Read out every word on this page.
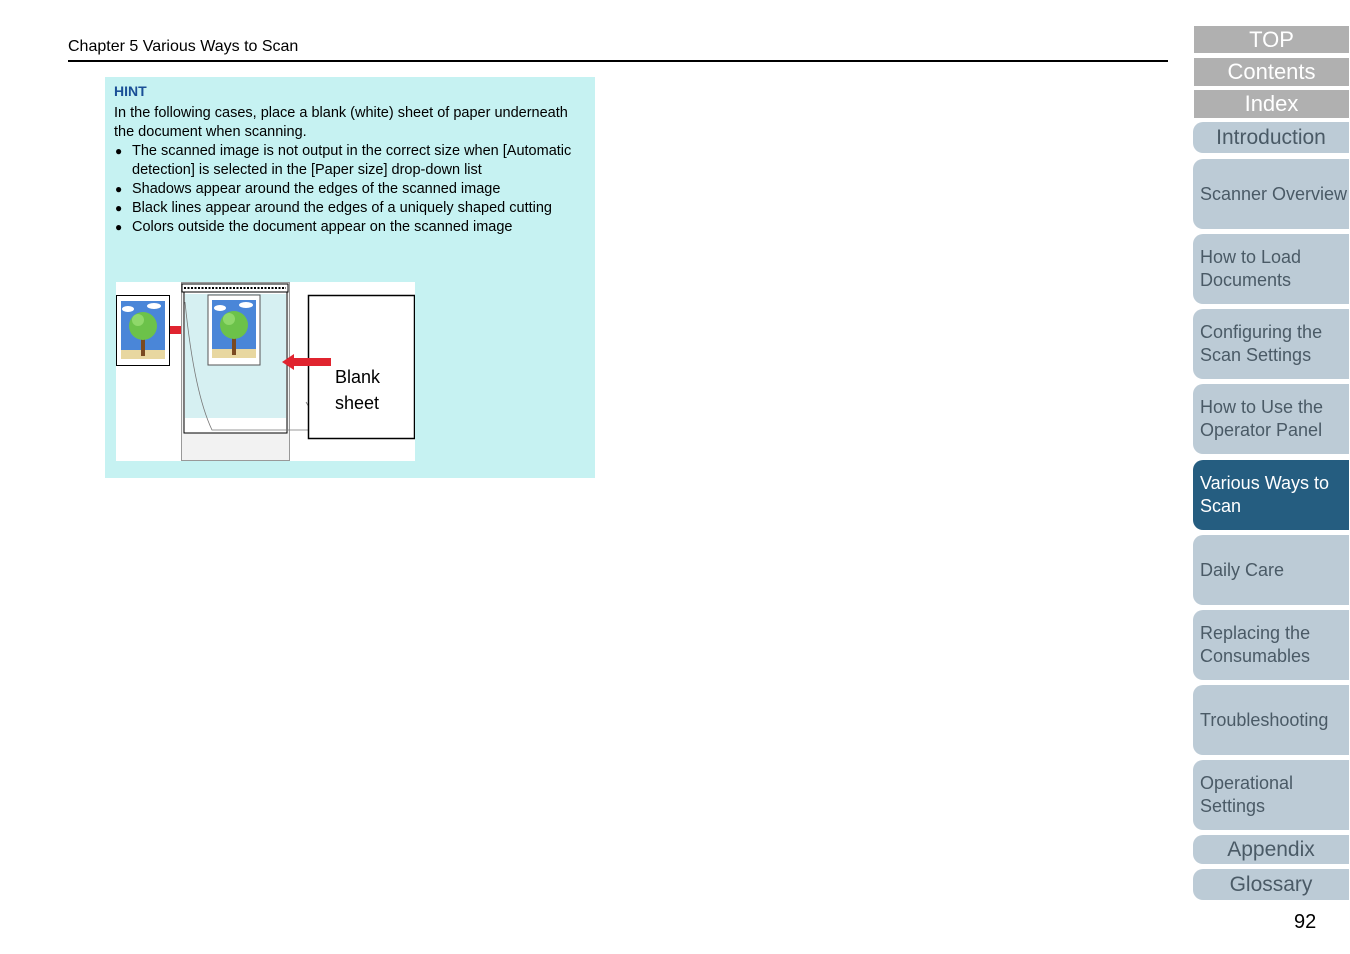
Chapter 5 Various Ways to Scan
HINT
In the following cases, place a blank (white) sheet of paper underneath the document when scanning.
● The scanned image is not output in the correct size when [Automatic detection] is selected in the [Paper size] drop-down list
● Shadows appear around the edges of the scanned image
● Black lines appear around the edges of a uniquely shaped cutting
● Colors outside the document appear on the scanned image
Blank
sheet
TOP
Contents
Index
Introduction
Scanner Overview
How to Load Documents
Configuring the Scan Settings
How to Use the Operator Panel
Various Ways to Scan
Daily Care
Replacing the Consumables
Troubleshooting
Operational Settings
Appendix
Glossary
92
